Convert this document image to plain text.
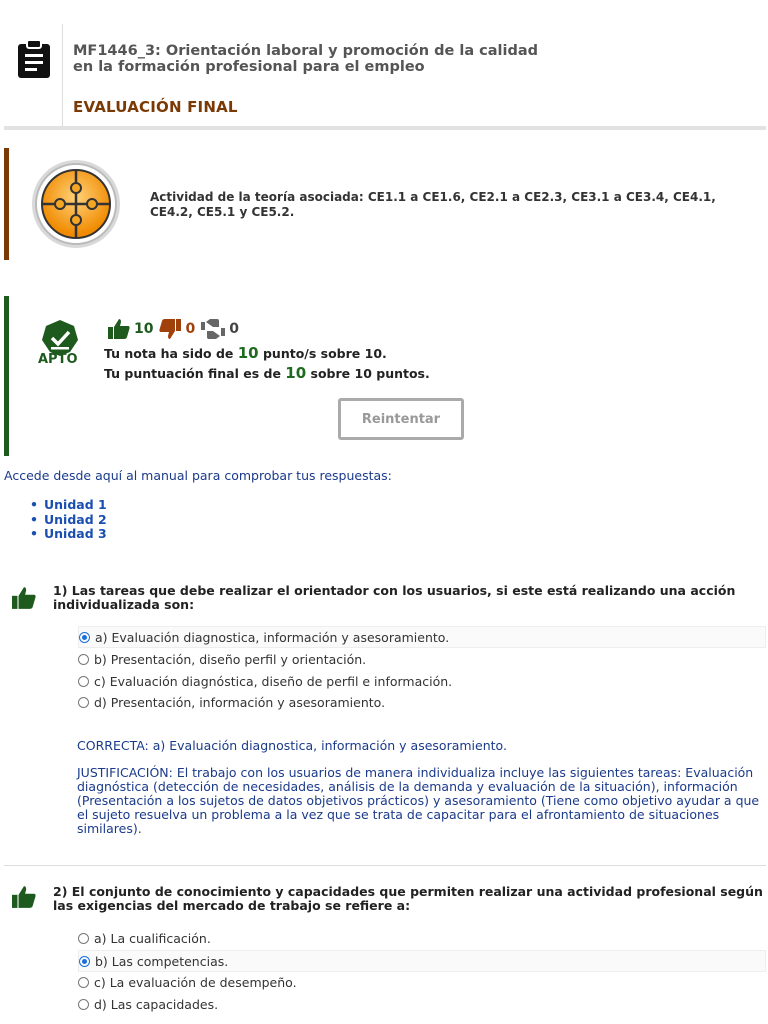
MF1446_3: Orientación laboral y promoción de la calidad en la formación profesional para el empleo
EVALUACIÓN FINAL
Actividad de la teoría asociada: CE1.1 a CE1.6, CE2.1 a CE2.3, CE3.1 a CE3.4, CE4.1, CE4.2, CE5.1 y CE5.2.
APTO
10 0 0
Tu nota ha sido de 10 punto/s sobre 10.
Tu puntuación final es de 10 sobre 10 puntos.
Reintentar
Accede desde aquí al manual para comprobar tus respuestas:
• Unidad 1
• Unidad 2
• Unidad 3
1) Las tareas que debe realizar el orientador con los usuarios, si este está realizando una acción individualizada son:
a) Evaluación diagnostica, información y asesoramiento.
b) Presentación, diseño perfil y orientación.
c) Evaluación diagnóstica, diseño de perfil e información.
d) Presentación, información y asesoramiento.
CORRECTA: a) Evaluación diagnostica, información y asesoramiento.
JUSTIFICACIÓN: El trabajo con los usuarios de manera individualiza incluye las siguientes tareas: Evaluación diagnóstica (detección de necesidades, análisis de la demanda y evaluación de la situación), información (Presentación a los sujetos de datos objetivos prácticos) y asesoramiento (Tiene como objetivo ayudar a que el sujeto resuelva un problema a la vez que se trata de capacitar para el afrontamiento de situaciones similares).
2) El conjunto de conocimiento y capacidades que permiten realizar una actividad profesional según las exigencias del mercado de trabajo se refiere a:
a) La cualificación.
b) Las competencias.
c) La evaluación de desempeño.
d) Las capacidades.
